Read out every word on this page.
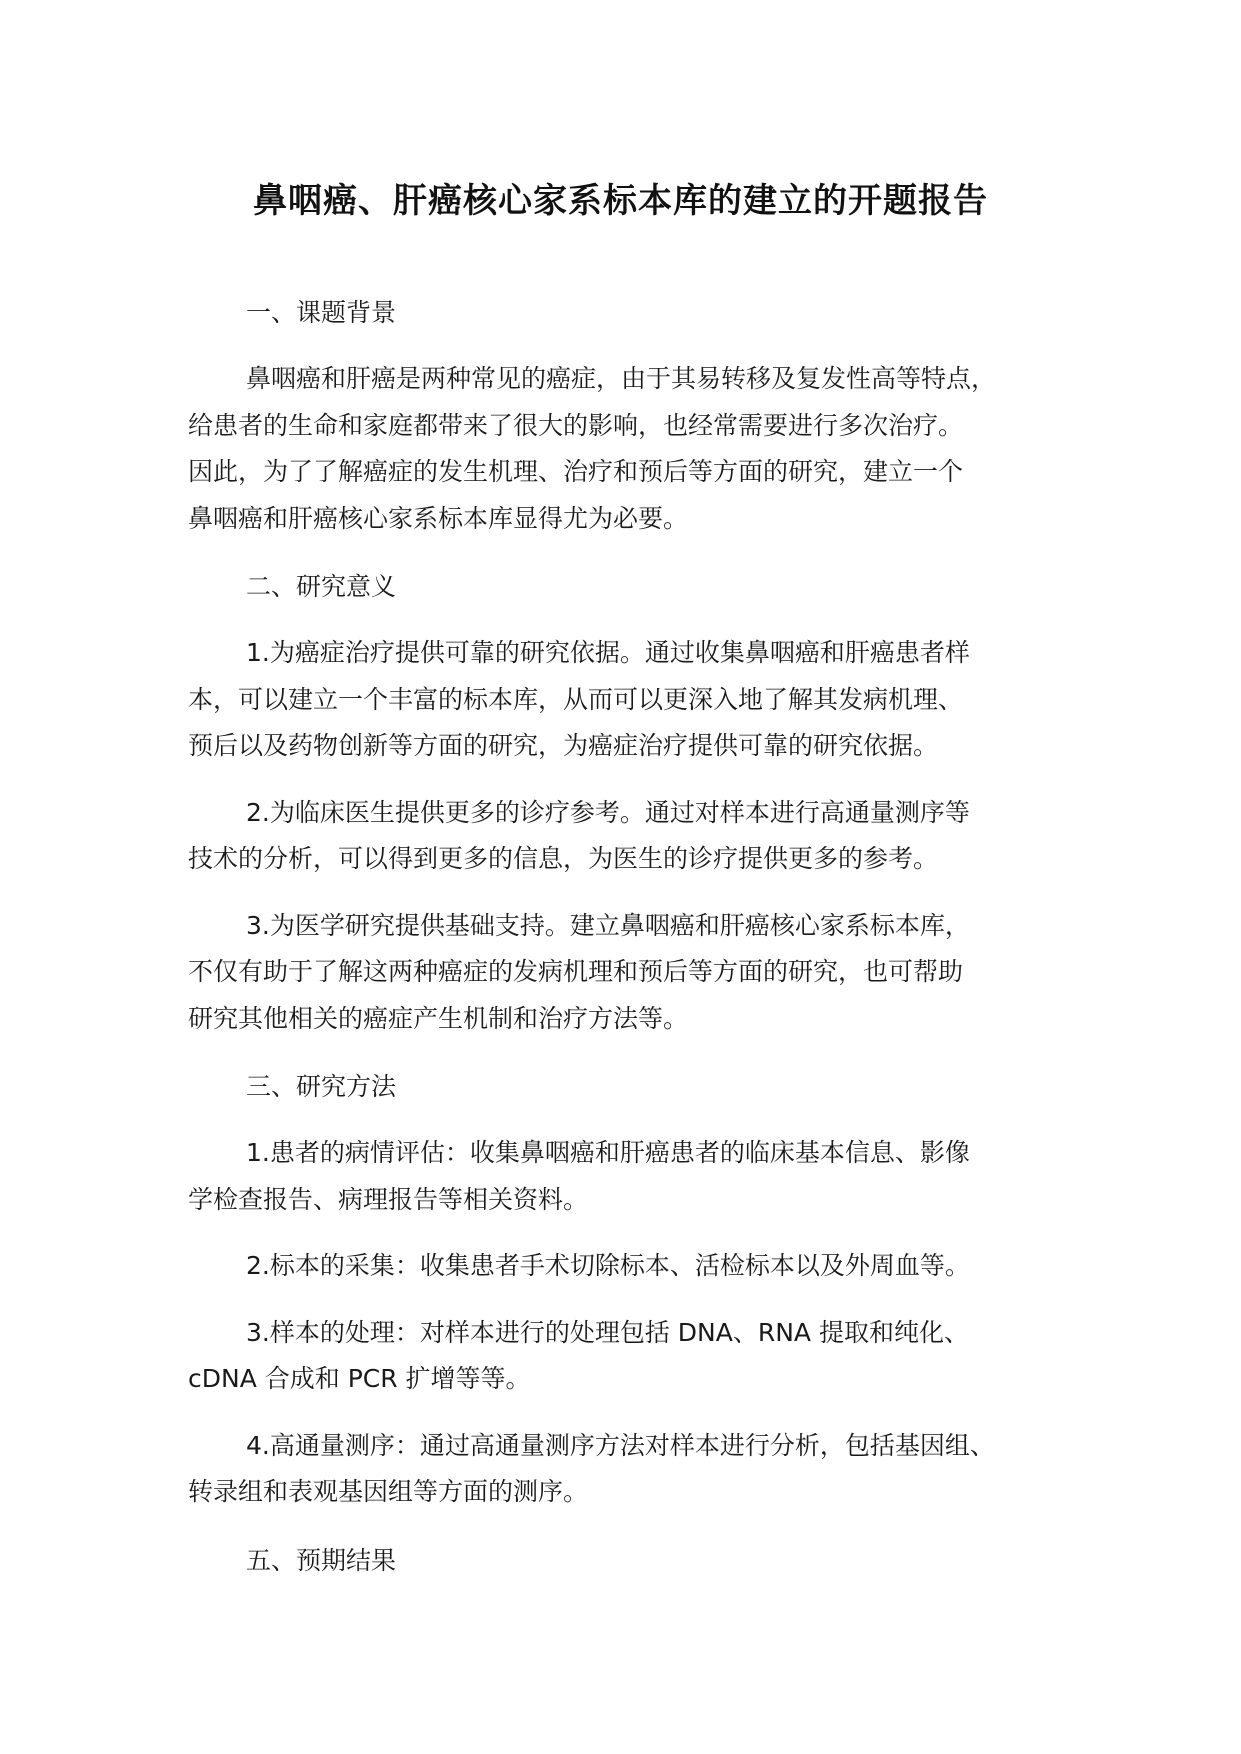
鼻咽癌、肝癌核心家系标本库的建立的开题报告
一、课题背景
鼻咽癌和肝癌是两种常见的癌症，由于其易转移及复发性高等特点，
给患者的生命和家庭都带来了很大的影响，也经常需要进行多次治疗。
因此，为了了解癌症的发生机理、治疗和预后等方面的研究，建立一个
鼻咽癌和肝癌核心家系标本库显得尤为必要。
二、研究意义
1.为癌症治疗提供可靠的研究依据。通过收集鼻咽癌和肝癌患者样
本，可以建立一个丰富的标本库，从而可以更深入地了解其发病机理、
预后以及药物创新等方面的研究，为癌症治疗提供可靠的研究依据。
2.为临床医生提供更多的诊疗参考。通过对样本进行高通量测序等
技术的分析，可以得到更多的信息，为医生的诊疗提供更多的参考。
3.为医学研究提供基础支持。建立鼻咽癌和肝癌核心家系标本库，
不仅有助于了解这两种癌症的发病机理和预后等方面的研究，也可帮助
研究其他相关的癌症产生机制和治疗方法等。
三、研究方法
1.患者的病情评估：收集鼻咽癌和肝癌患者的临床基本信息、影像
学检查报告、病理报告等相关资料。
2.标本的采集：收集患者手术切除标本、活检标本以及外周血等。
3.样本的处理：对样本进行的处理包括 DNA、RNA 提取和纯化、
cDNA 合成和 PCR 扩增等等。
4.高通量测序：通过高通量测序方法对样本进行分析，包括基因组、
转录组和表观基因组等方面的测序。
五、预期结果
